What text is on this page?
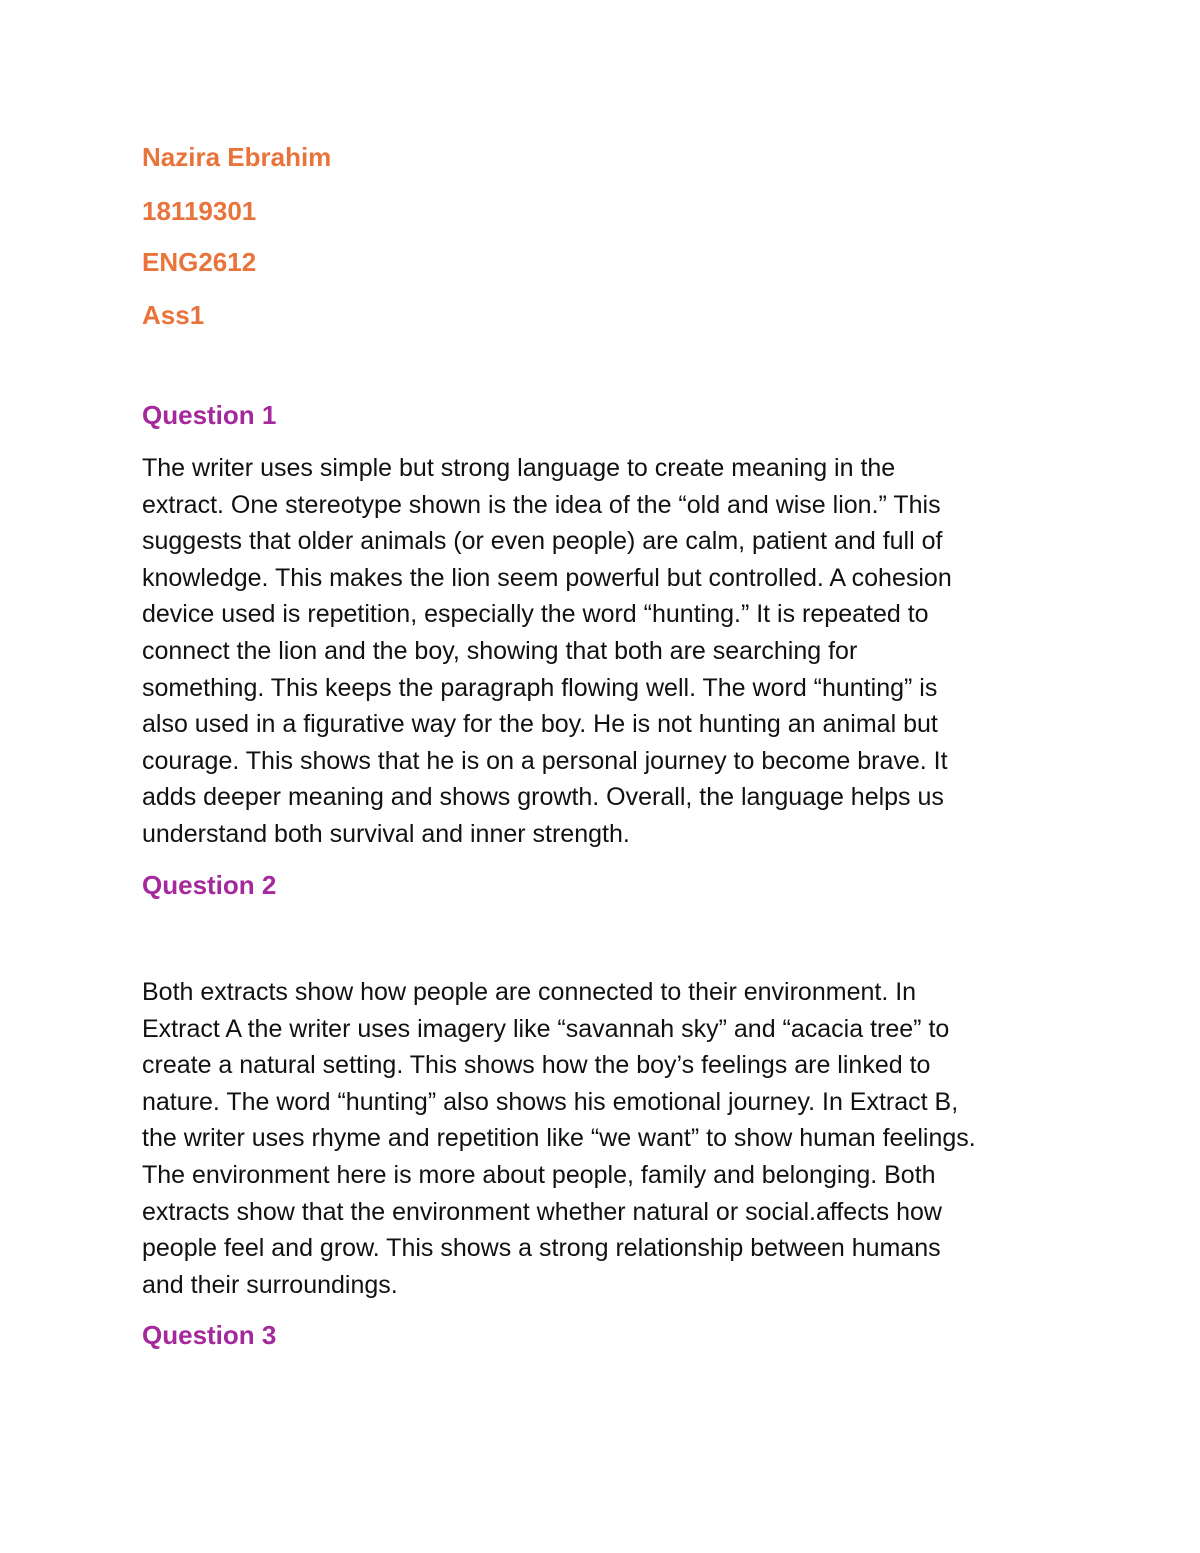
Nazira Ebrahim
18119301
ENG2612
Ass1
Question 1
The writer uses simple but strong language to create meaning in the
extract. One stereotype shown is the idea of the “old and wise lion.” This
suggests that older animals (or even people) are calm, patient and full of
knowledge. This makes the lion seem powerful but controlled. A cohesion
device used is repetition, especially the word “hunting.” It is repeated to
connect the lion and the boy, showing that both are searching for
something. This keeps the paragraph flowing well. The word “hunting” is
also used in a figurative way for the boy. He is not hunting an animal but
courage. This shows that he is on a personal journey to become brave. It
adds deeper meaning and shows growth. Overall, the language helps us
understand both survival and inner strength.
Question 2
Both extracts show how people are connected to their environment. In
Extract A the writer uses imagery like “savannah sky” and “acacia tree” to
create a natural setting. This shows how the boy’s feelings are linked to
nature. The word “hunting” also shows his emotional journey. In Extract B,
the writer uses rhyme and repetition like “we want” to show human feelings.
The environment here is more about people, family and belonging. Both
extracts show that the environment whether natural or social.affects how
people feel and grow. This shows a strong relationship between humans
and their surroundings.
Question 3
